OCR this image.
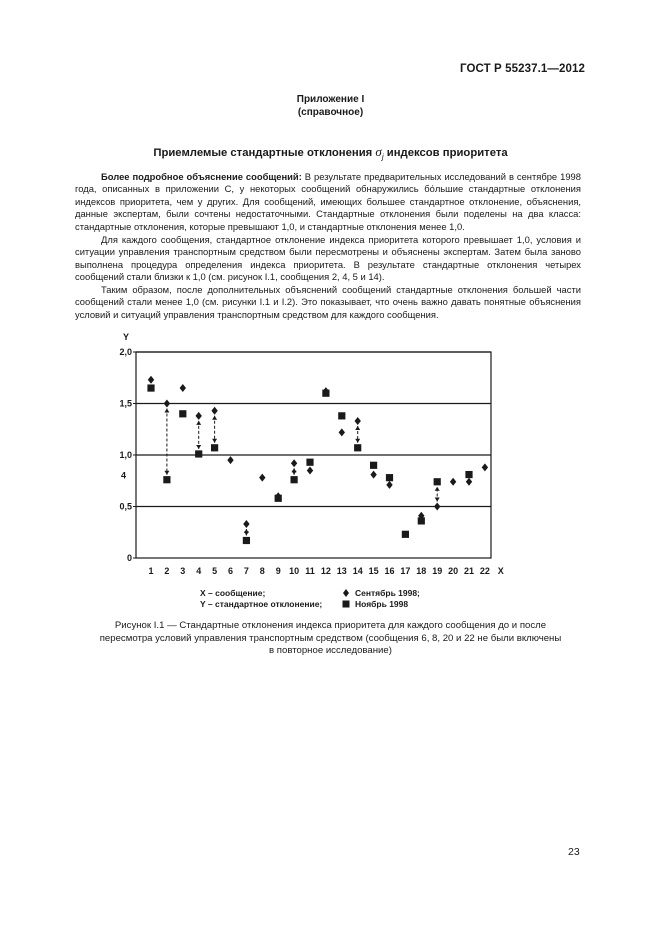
ГОСТ Р 55237.1—2012
Приложение I
(справочное)
Приемлемые стандартные отклонения $\sigma_j$ индексов приоритета
Более подробное объяснение сообщений: В результате предварительных исследований в сентябре 1998 года, описанных в приложении С, у некоторых сообщений обнаружились бо́льшие стандартные отклонения индексов приоритета, чем у других. Для сообщений, имеющих большее стандартное отклонение, объяснения, данные экспертам, были сочтены недостаточными. Стандартные отклонения были поделены на два класса: стандартные отклонения, которые превышают 1,0, и стандартные отклонения менее 1,0.
Для каждого сообщения, стандартное отклонение индекса приоритета которого превышает 1,0, условия и ситуации управления транспортным средством были пересмотрены и объяснены экспертам. Затем была заново выполнена процедура определения индекса приоритета. В результате стандартные отклонения четырех сообщений стали близки к 1,0 (см. рисунок I.1, сообщения 2, 4, 5 и 14).
Таким образом, после дополнительных объяснений сообщений стандартные отклонения большей части сообщений стали менее 1,0 (см. рисунки I.1 и I.2). Это показывает, что очень важно давать понятные объяснения условий и ситуаций управления транспортным средством для каждого сообщения.
2,0
1,5
1,0
0,5
0
4
Y
1 2 3 4 5 6 7 8 9 10 11 12 13 14 15 16 17 18 19 20 21 22 X
X – сообщение;
Y – стандартное отклонение;
Сентябрь 1998;
Ноябрь 1998
Рисунок I.1 — Стандартные отклонения индекса приоритета для каждого сообщения до и после
пересмотра условий управления транспортным средством (сообщения 6, 8, 20 и 22 не были включены
в повторное исследование)
23
